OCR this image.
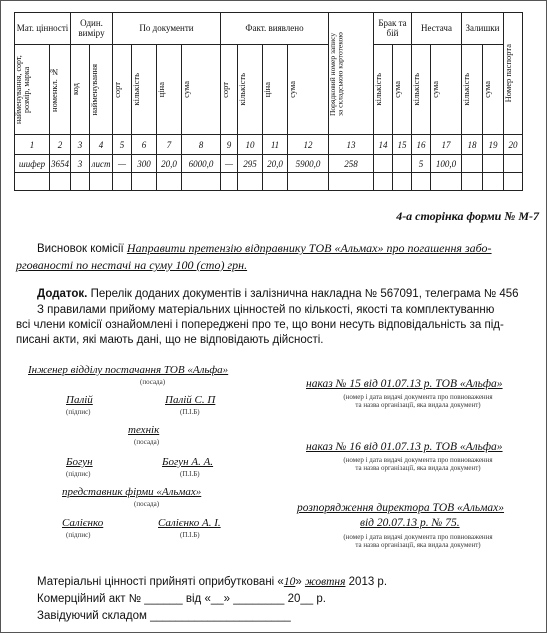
Мат. цінності		Один. виміру		По документи				Факт. виявлено				Порядковий номер запису за складською картотекою	Брак та бій		Нестача		Залишки		Номер паспорта

найменування, сорт, розмір, марка	номенкл. №	код	найменування	сорт	кількість	ціна	сума	сорт	кількість	ціна	сума		кількість	сума	кількість	сума	кількість	сума	

1	2	3	4	5	6	7	8	9	10	11	12	13	14	15	16	17	18	19	20
шифер	3654	3	лист	—	300	20,0	6000,0	—	295	20,0	5900,0	258			5	100,0			

4-а сторінка форми № М-7
Висновок комісії Направити претензію відправнику ТОВ «Альмах» про погашення забо-
ргованості по нестачі на суму 100 (сто) грн.
Додаток. Перелік доданих документів і залізнична накладна № 567091, телеграма № 456
З правилами прийому матеріальних цінностей по кількості, якості та комплектуванню
всі члени комісії ознайомлені і попереджені про те, що вони несуть відповідальність за під-
писані акти, які мають дані, що не відповідають дійсності.
Інженер відділу постачання ТОВ «Альфа»
(посада)
Палій
(підпис)
Палій С. П
(П.І.Б)
технік
(посада)
Богун
(підпис)
Богун А. А.
(П.І.Б)
представник фірми «Альмах»
(посада)
Салієнко
(підпис)
Салієнко А. І.
(П.І.Б)
наказ № 15 від 01.07.13 р. ТОВ «Альфа»
(номер і дата видачі документа про повноваження
та назва організації, яка видала документ)
наказ № 16 від 01.07.13 р. ТОВ «Альфа»
(номер і дата видачі документа про повноваження
та назва організації, яка видала документ)
розпорядження директора ТОВ «Альмах»
від 20.07.13 р. № 75.
(номер і дата видачі документа про повноваження
та назва організації, яка видала документ)
Матеріальні цінності прийняті оприбутковані «10» жовтня 2013 р.
Комерційний акт № ______ від «__» ________ 20__ р.
Завідуючий складом ______________________
